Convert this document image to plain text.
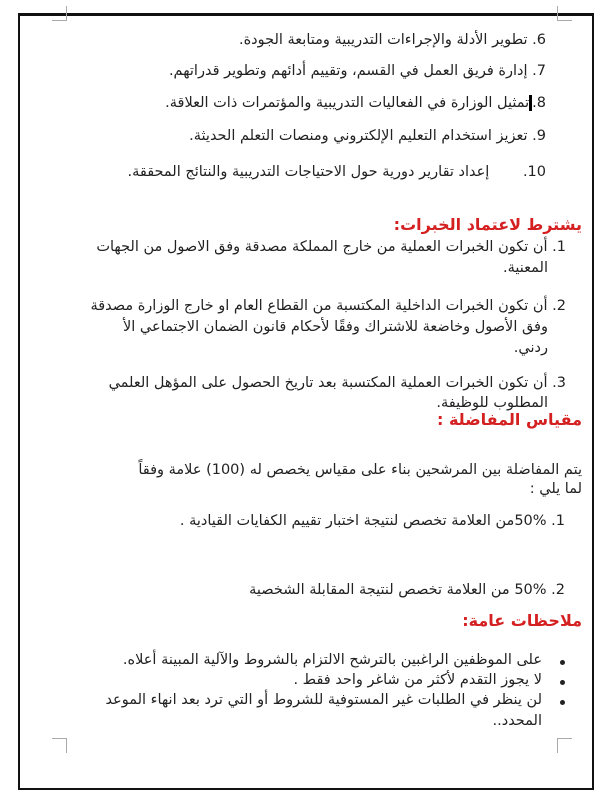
6. تطوير الأدلة والإجراءات التدريبية ومتابعة الجودة.
7. إدارة فريق العمل في القسم، وتقييم أدائهم وتطوير قدراتهم.
8.تمثيل الوزارة في الفعاليات التدريبية والمؤتمرات ذات العلاقة.
9. تعزيز استخدام التعليم الإلكتروني ومنصات التعلم الحديثة.
10.   إعداد تقارير دورية حول الاحتياجات التدريبية والنتائج المحققة.
يشترط لاعتماد الخبرات:
1. أن تكون الخبرات العملية من خارج المملكة مصدقة وفق الاصول من الجهات
المعنية.
2. أن تكون الخبرات الداخلية المكتسبة من القطاع العام او خارج الوزارة مصدقة
وفق الأصول وخاضعة للاشتراك وفقًا لأحكام قانون الضمان الاجتماعي الأ
ردني.
3. أن تكون الخبرات العملية المكتسبة بعد تاريخ الحصول على المؤهل العلمي
المطلوب للوظيفة.
مقياس المفاضلة :
يتم المفاضلة بين المرشحين بناء على مقياس يخصص له (100) علامة وفقاً
لما يلي :
1. 50%من العلامة تخصص لنتيجة اختبار تقييم الكفايات القيادية .
2. 50% من العلامة تخصص لنتيجة المقابلة الشخصية
ملاحظات عامة:
على الموظفين الراغبين بالترشح الالتزام بالشروط والآلية المبينة أعلاه.
لا يجوز التقدم لأكثر من شاغر واحد فقط .
لن ينظر في الطلبات غير المستوفية للشروط أو التي ترد بعد انهاء الموعد
المحدد..
